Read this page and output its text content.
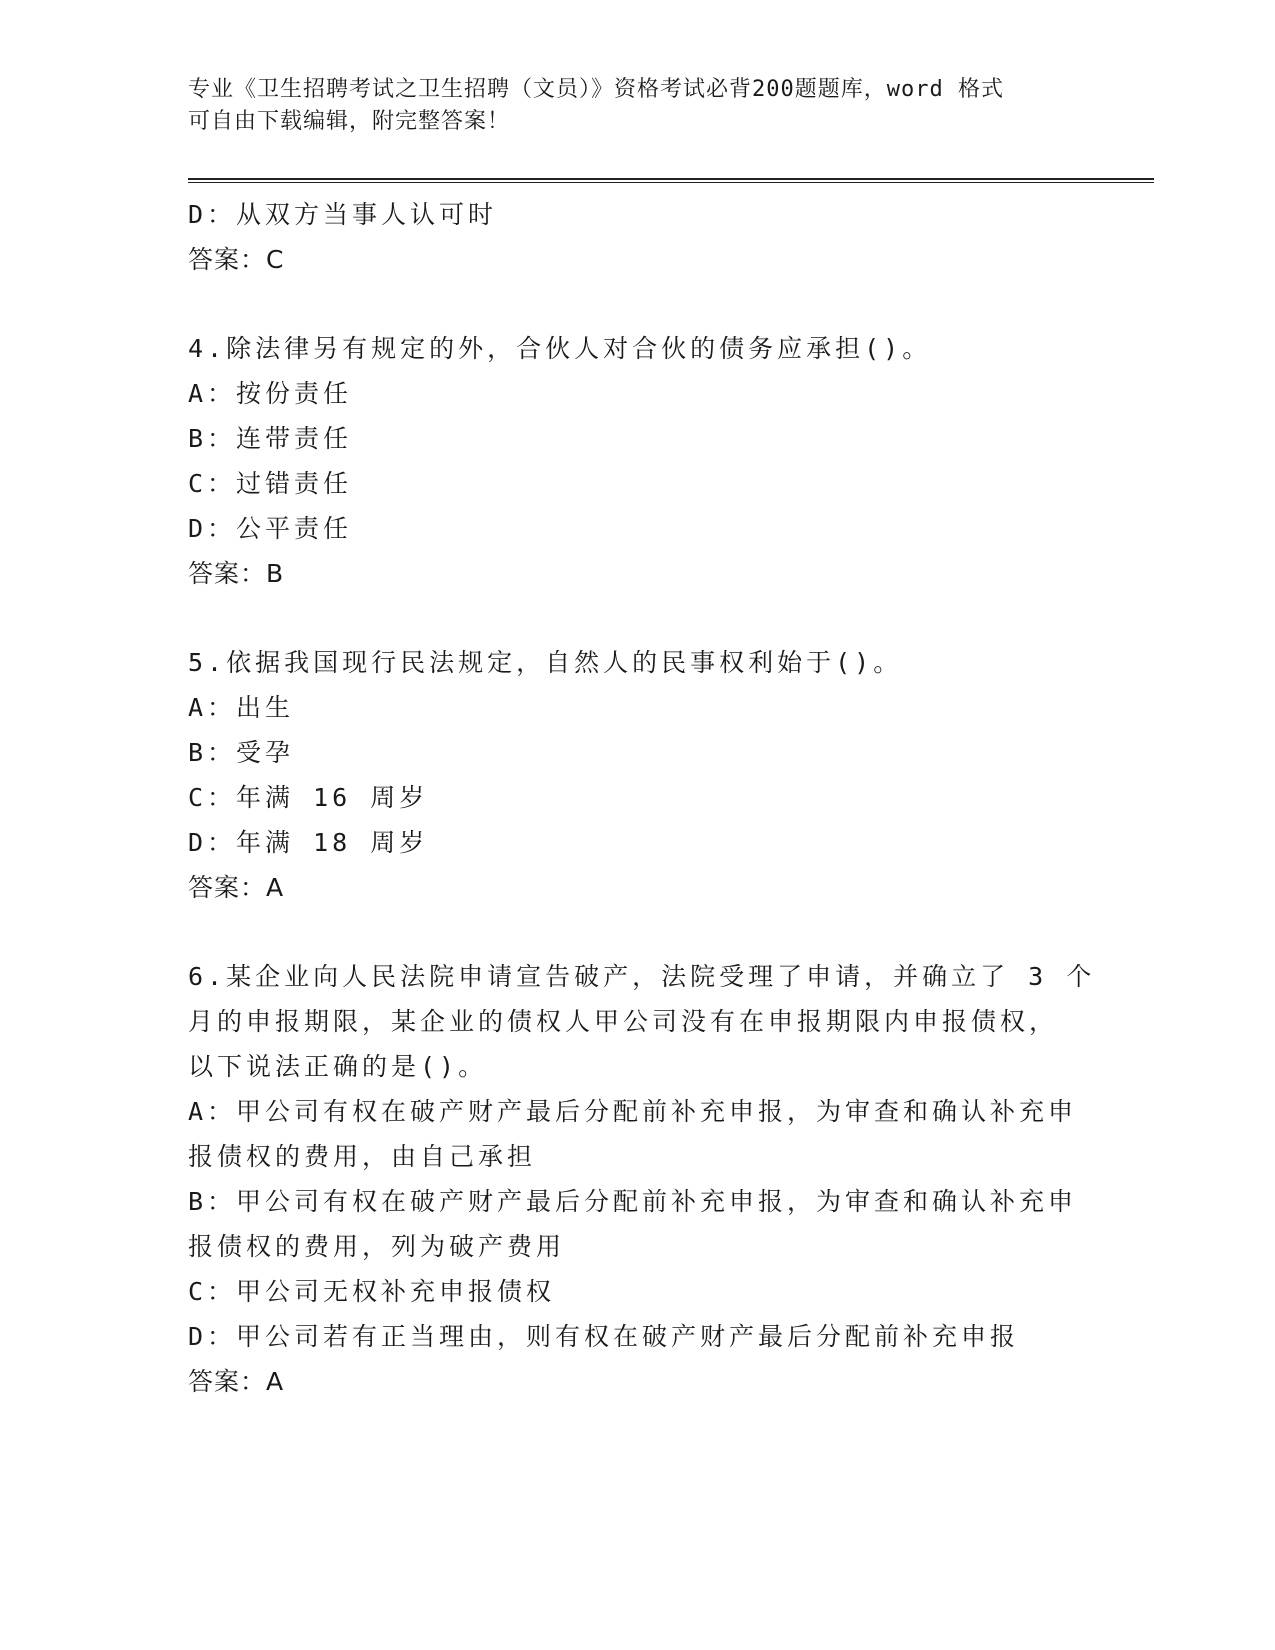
专业《卫生招聘考试之卫生招聘（文员）》资格考试必背200题题库，word 格式
可自由下载编辑，附完整答案！
D：从双方当事人认可时
答案：C
4.除法律另有规定的外，合伙人对合伙的债务应承担()。
A：按份责任
B：连带责任
C：过错责任
D：公平责任
答案：B
5.依据我国现行民法规定，自然人的民事权利始于()。
A：出生
B：受孕
C：年满 16 周岁
D：年满 18 周岁
答案：A
6.某企业向人民法院申请宣告破产，法院受理了申请，并确立了 3 个
月的申报期限，某企业的债权人甲公司没有在申报期限内申报债权，
以下说法正确的是()。
A：甲公司有权在破产财产最后分配前补充申报，为审查和确认补充申
报债权的费用，由自己承担
B：甲公司有权在破产财产最后分配前补充申报，为审查和确认补充申
报债权的费用，列为破产费用
C：甲公司无权补充申报债权
D：甲公司若有正当理由，则有权在破产财产最后分配前补充申报
答案：A
